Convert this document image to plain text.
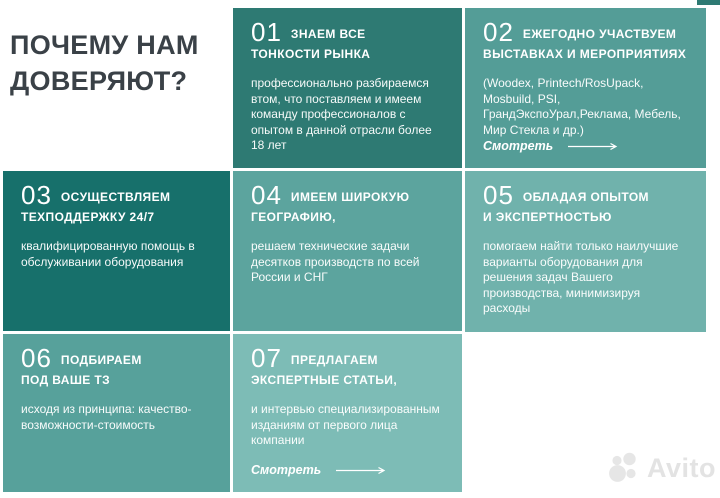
ПОЧЕМУ НАМ ДОВЕРЯЮТ?
01 ЗНАЕМ ВСЕ ТОНКОСТИ РЫНКА

профессионально разбираемся втом, что поставляем и имеем команду профессионалов с опытом в данной отрасли более 18 лет

02 ЕЖЕГОДНО УЧАСТВУЕМ ВЫСТАВКАХ И МЕРОПРИЯТИЯХ

(Woodex, Printech/RosUpack, Mosbuild, PSI, ГрандЭкспоУрал,Реклама, Мебель, Мир Стекла и др.)

Смотреть
03 ОСУЩЕСТВЛЯЕМ ТЕХПОДДЕРЖКУ 24/7

квалифицированную помощь в обслуживании оборудования

04 ИМЕЕМ ШИРОКУЮ ГЕОГРАФИЮ,

решаем технические задачи десятков производств по всей России и СНГ

05 ОБЛАДАЯ ОПЫТОМ И ЭКСПЕРТНОСТЬЮ

помогаем найти только наилучшие варианты оборудования для решения задач Вашего производства, минимизируя расходы

06 ПОДБИРАЕМ ПОД ВАШЕ ТЗ

исходя из принципа: качество-возможности-стоимость

07 ПРЕДЛАГАЕМ ЭКСПЕРТНЫЕ СТАТЬИ,

и интервью специализированным изданиям от первого лица компании

Смотреть	Avito
